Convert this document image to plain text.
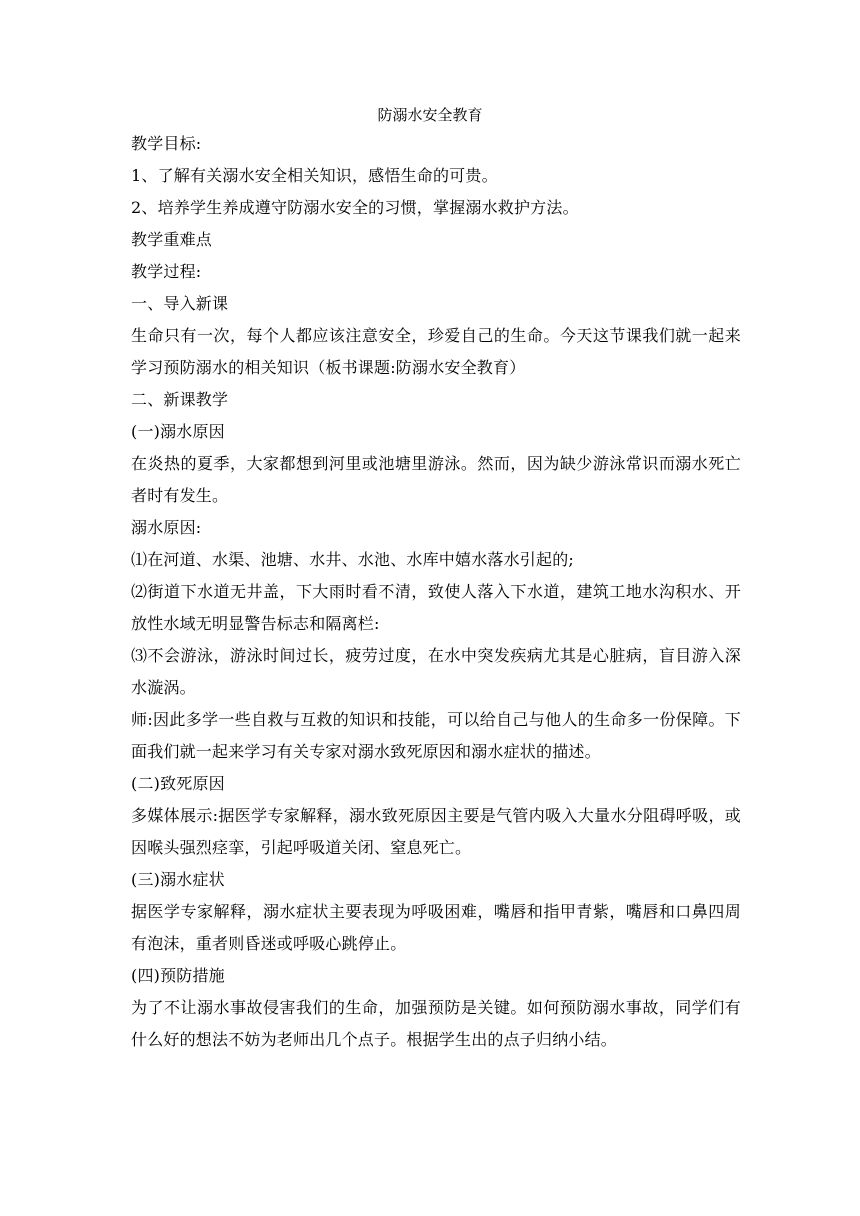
防溺水安全教育

教学目标:

1、了解有关溺水安全相关知识，感悟生命的可贵。

2、培养学生养成遵守防溺水安全的习惯，掌握溺水救护方法。

教学重难点

教学过程:

一、导入新课

生命只有一次，每个人都应该注意安全，珍爱自己的生命。今天这节课我们就一起来学习预防溺水的相关知识（板书课题:防溺水安全教育）

二、新课教学

(一)溺水原因

在炎热的夏季，大家都想到河里或池塘里游泳。然而，因为缺少游泳常识而溺水死亡者时有发生。

溺水原因:

⑴在河道、水渠、池塘、水井、水池、水库中嬉水落水引起的;

⑵街道下水道无井盖，下大雨时看不清，致使人落入下水道，建筑工地水沟积水、开放性水域无明显警告标志和隔离栏:

⑶不会游泳，游泳时间过长，疲劳过度，在水中突发疾病尤其是心脏病，盲目游入深水漩涡。

师:因此多学一些自救与互救的知识和技能，可以给自己与他人的生命多一份保障。下面我们就一起来学习有关专家对溺水致死原因和溺水症状的描述。

(二)致死原因

多媒体展示:据医学专家解释，溺水致死原因主要是气管内吸入大量水分阻碍呼吸，或因喉头强烈痉挛，引起呼吸道关闭、窒息死亡。

(三)溺水症状

据医学专家解释，溺水症状主要表现为呼吸困难，嘴唇和指甲青紫，嘴唇和口鼻四周有泡沫，重者则昏迷或呼吸心跳停止。

(四)预防措施

为了不让溺水事故侵害我们的生命，加强预防是关键。如何预防溺水事故，同学们有什么好的想法不妨为老师出几个点子。根据学生出的点子归纳小结。
